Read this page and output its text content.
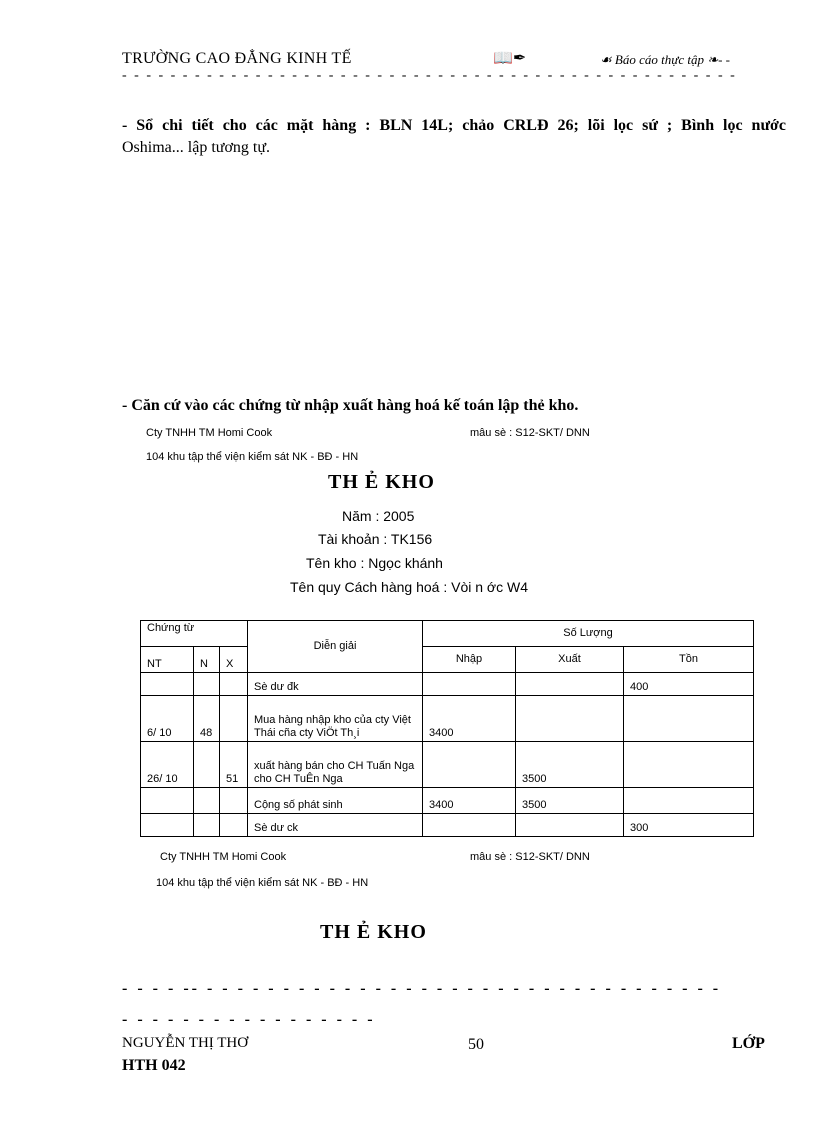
TRƯỜNG CAO ĐẲNG KINH TẾ	📖✒	☙ Báo cáo thực tập ❧- -
- - - - - - - - - - - - - - - - - - - - - - - - - - - - - - - - - - - - - - - - - - - - - - - - - - -
- Sổ chi tiết cho các mặt hàng : BLN 14L; chảo CRLĐ 26; lõi lọc sứ ; Bình lọc nước
Oshima... lập tương tự.
- Căn cứ vào các chứng từ nhập xuất hàng hoá kế toán lập thẻ kho.
Cty TNHH TM Homi Cook	mâu sè : S12-SKT/ DNN
104 khu tập thể viện kiểm sát NK - BĐ - HN
TH Ẻ KHO
Năm : 2005
Tài khoản : TK156
Tên kho : Ngọc khánh
Tên quy Cách hàng hoá : Vòi n ớc W4
Chứng từ			Diễn giải	Số Lượng		
NT	N	X		Nhập	Xuất	Tồn
			Sè dư đk			400
6/ 10	48		Mua hàng nhập kho của cty Việt Thái cña cty ViÖt Th¸i	3400		
26/ 10		51	xuất hàng bán cho CH Tuấn Nga cho CH TuÊn Nga		3500	
			Cộng số phát sinh	3400	3500	
			Sè dư ck			300
Cty TNHH TM Homi Cook	mâu sè : S12-SKT/ DNN
104 khu tập thể viện kiểm sát NK - BĐ - HN
TH Ẻ KHO
- - - - -- - - - - - - - - - - - - - - - - - - - - - - - - - - - - - - - - - -
- - - - - - - - - - - - - - - - -
NGUYỄN THỊ THƠ	50	LỚP
HTH 042
